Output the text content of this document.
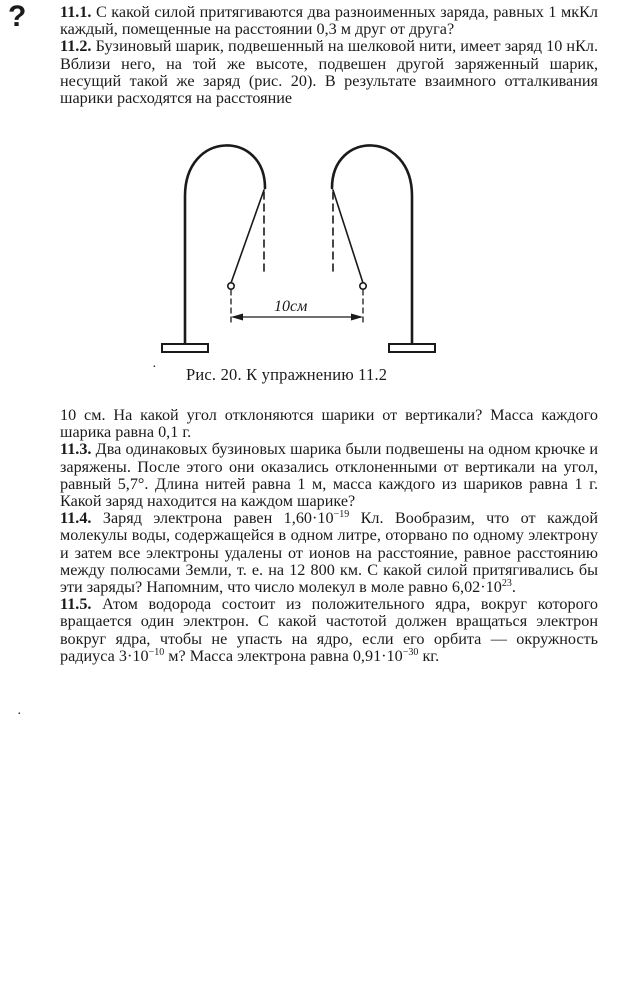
? 11.1. С какой силой притягиваются два разноименных заряда, равных 1 мкКл каждый, помещенные на расстоянии 0,3 м друг от друга?

11.2. Бузиновый шарик, подвешенный на шелковой нити, имеет заряд 10 нКл. Вблизи него, на той же высоте, подвешен другой заряженный шарик, несущий такой же заряд (рис. 20). В результате взаимного отталкивания шарики расходятся на расстояние

10см
· Рис. 20. К упражнению 11.2

10 см. На какой угол отклоняются шарики от вертикали? Масса каждого шарика равна 0,1 г.

11.3. Два одинаковых бузиновых шарика были подвешены на одном крючке и заряжены. После этого они оказались отклоненными от вертикали на угол, равный 5,7°. Длина нитей равна 1 м, масса каждого из шариков равна 1 г. Какой заряд находится на каждом шарике?

11.4. Заряд электрона равен $1,60\cdot 10^{-19}$ Кл. Вообразим, что от каждой молекулы воды, содержащейся в одном литре, оторвано по одному электрону и затем все электроны удалены от ионов на расстояние, равное расстоянию между полюсами Земли, т. е. на 12 800 км. С какой силой притягивались бы эти заряды? Напомним, что число молекул в моле равно $6,02\cdot 10^{23}$.

11.5. Атом водорода состоит из положительного ядра, вокруг которого вращается один электрон. С какой частотой должен вращаться электрон вокруг ядра, чтобы не упасть на ядро, если его орбита — окружность радиуса $3\cdot 10^{-10}$ м? Масса электрона равна $0,91\cdot 10^{-30}$ кг.

·
